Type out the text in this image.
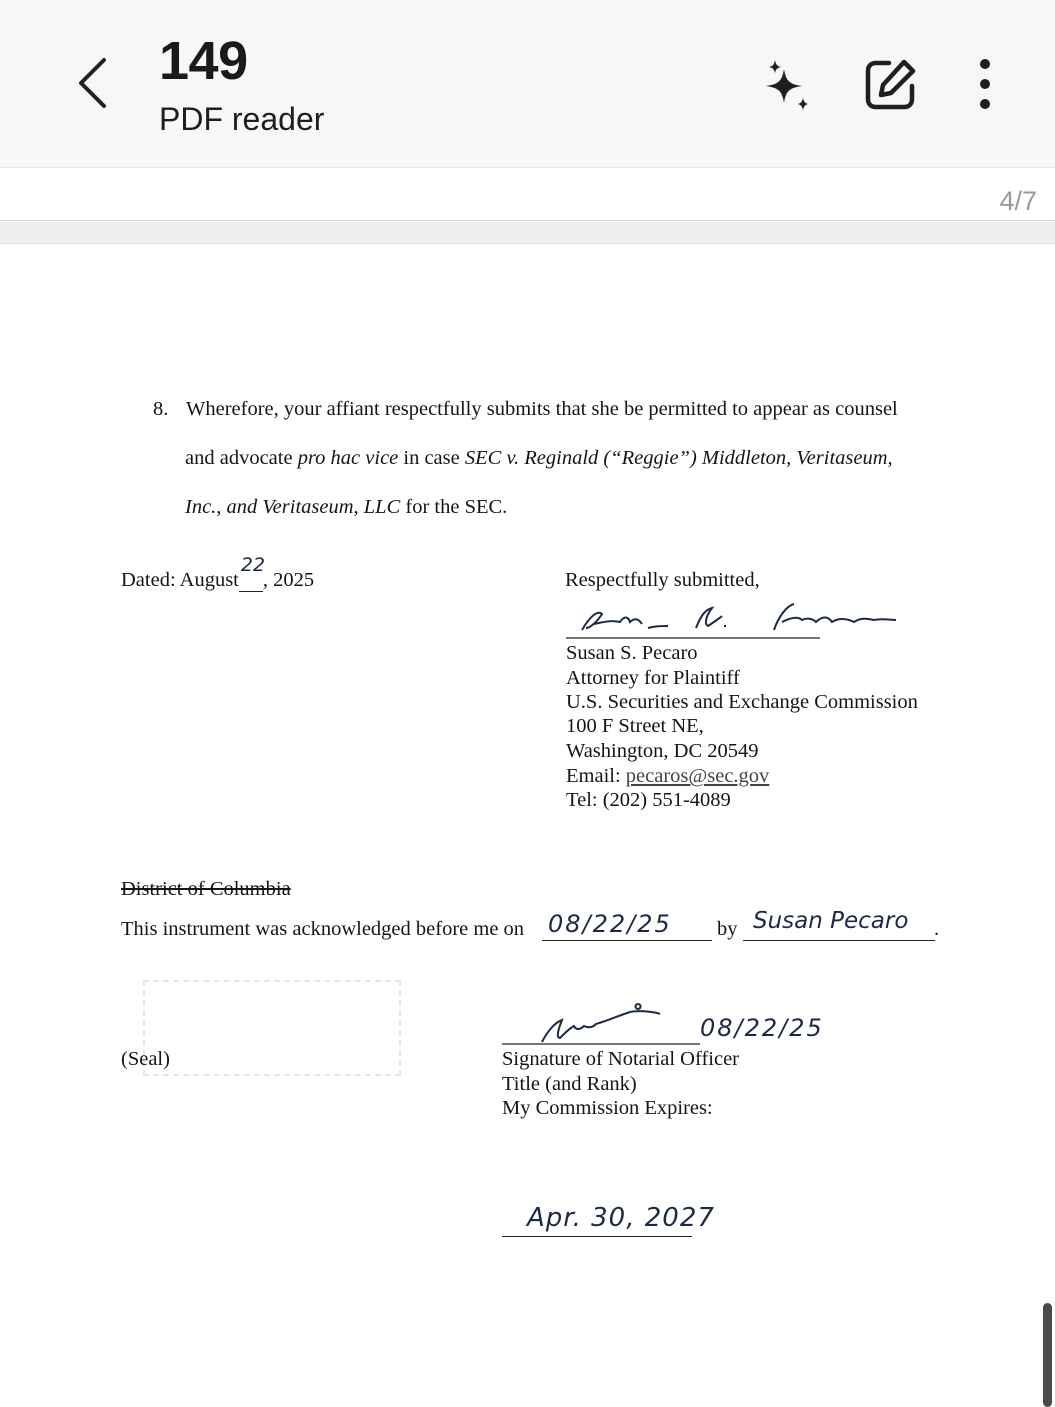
149
PDF reader
4/7
8. Wherefore, your affiant respectfully submits that she be permitted to appear as counsel
and advocate pro hac vice in case SEC v. Reginald (“Reggie”) Middleton, Veritaseum,
Inc., and Veritaseum, LLC for the SEC.
Dated: August
22
, 2025	Respectfully submitted,
Susan S. Pecaro
Attorney for Plaintiff
U.S. Securities and Exchange Commission
100 F Street NE,
Washington, DC 20549
Email: pecaros@sec.gov
Tel: (202) 551-4089
District of Columbia
This instrument was acknowledged before me on 08/22/25 by Susan Pecaro .
(Seal)
08/22/25
Signature of Notarial Officer
Title (and Rank)
My Commission Expires:
Apr. 30, 2027
